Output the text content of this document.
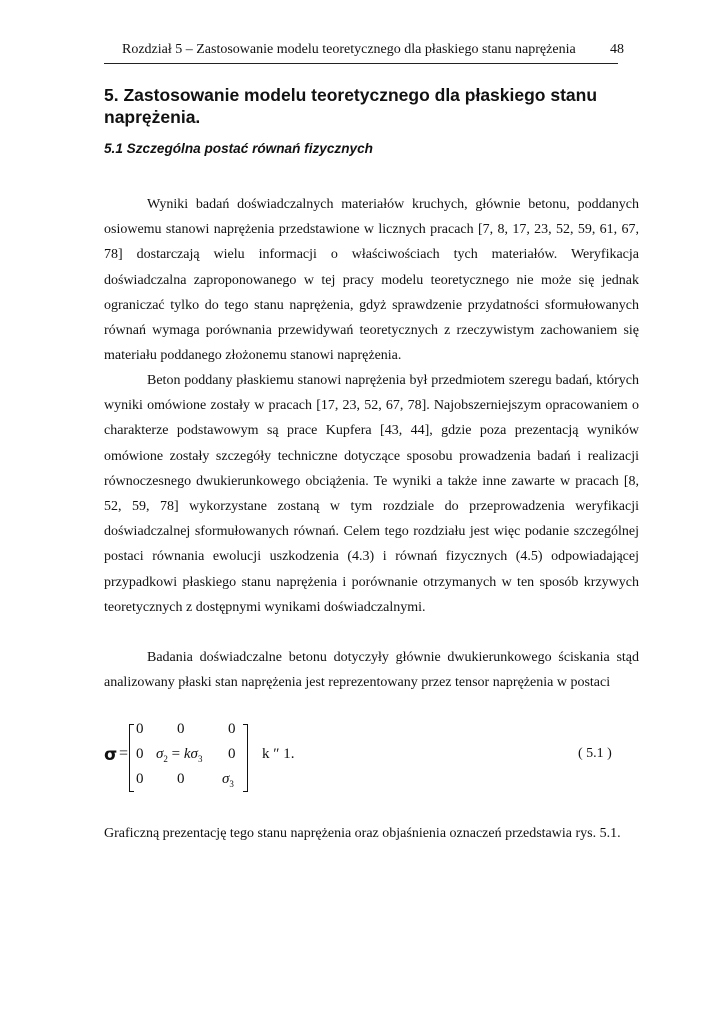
Rozdział 5 – Zastosowanie modelu teoretycznego dla płaskiego stanu naprężenia 48
5. Zastosowanie modelu teoretycznego dla płaskiego stanu naprężenia.
5.1 Szczególna postać równań fizycznych

Wyniki badań doświadczalnych materiałów kruchych, głównie betonu, poddanych osiowemu stanowi naprężenia przedstawione w licznych pracach [7, 8, 17, 23, 52, 59, 61, 67, 78] dostarczają wielu informacji o właściwościach tych materiałów. Weryfikacja doświadczalna zaproponowanego w tej pracy modelu teoretycznego nie może się jednak ograniczać tylko do tego stanu naprężenia, gdyż sprawdzenie przydatności sformułowanych równań wymaga porównania przewidywań teoretycznych z rzeczywistym zachowaniem się materiału poddanego złożonemu stanowi naprężenia.

Beton poddany płaskiemu stanowi naprężenia był przedmiotem szeregu badań, których wyniki omówione zostały w pracach [17, 23, 52, 67, 78]. Najobszerniejszym opracowaniem o charakterze podstawowym są prace Kupfera [43, 44], gdzie poza prezentacją wyników omówione zostały szczegóły techniczne dotyczące sposobu prowadzenia badań i realizacji równoczesnego dwukierunkowego obciążenia. Te wyniki a także inne zawarte w pracach [8, 52, 59, 78] wykorzystane zostaną w tym rozdziale do przeprowadzenia weryfikacji doświadczalnej sformułowanych równań. Celem tego rozdziału jest więc podanie szczególnej postaci równania ewolucji uszkodzenia (4.3) i równań fizycznych (4.5) odpowiadającej przypadkowi płaskiego stanu naprężenia i porównanie otrzymanych w ten sposób krzywych teoretycznych z dostępnymi wynikami doświadczalnymi.

Badania doświadczalne betonu dotyczyły głównie dwukierunkowego ściskania stąd analizowany płaski stan naprężenia jest reprezentowany przez tensor naprężenia w postaci

σ =
0 0	0
0 $\sigma_2 = k\sigma_3$ 0
0 0	$\sigma_3$
k ″ 1.	( 5.1 )

Graficzną prezentację tego stanu naprężenia oraz objaśnienia oznaczeń przedstawia rys. 5.1.
